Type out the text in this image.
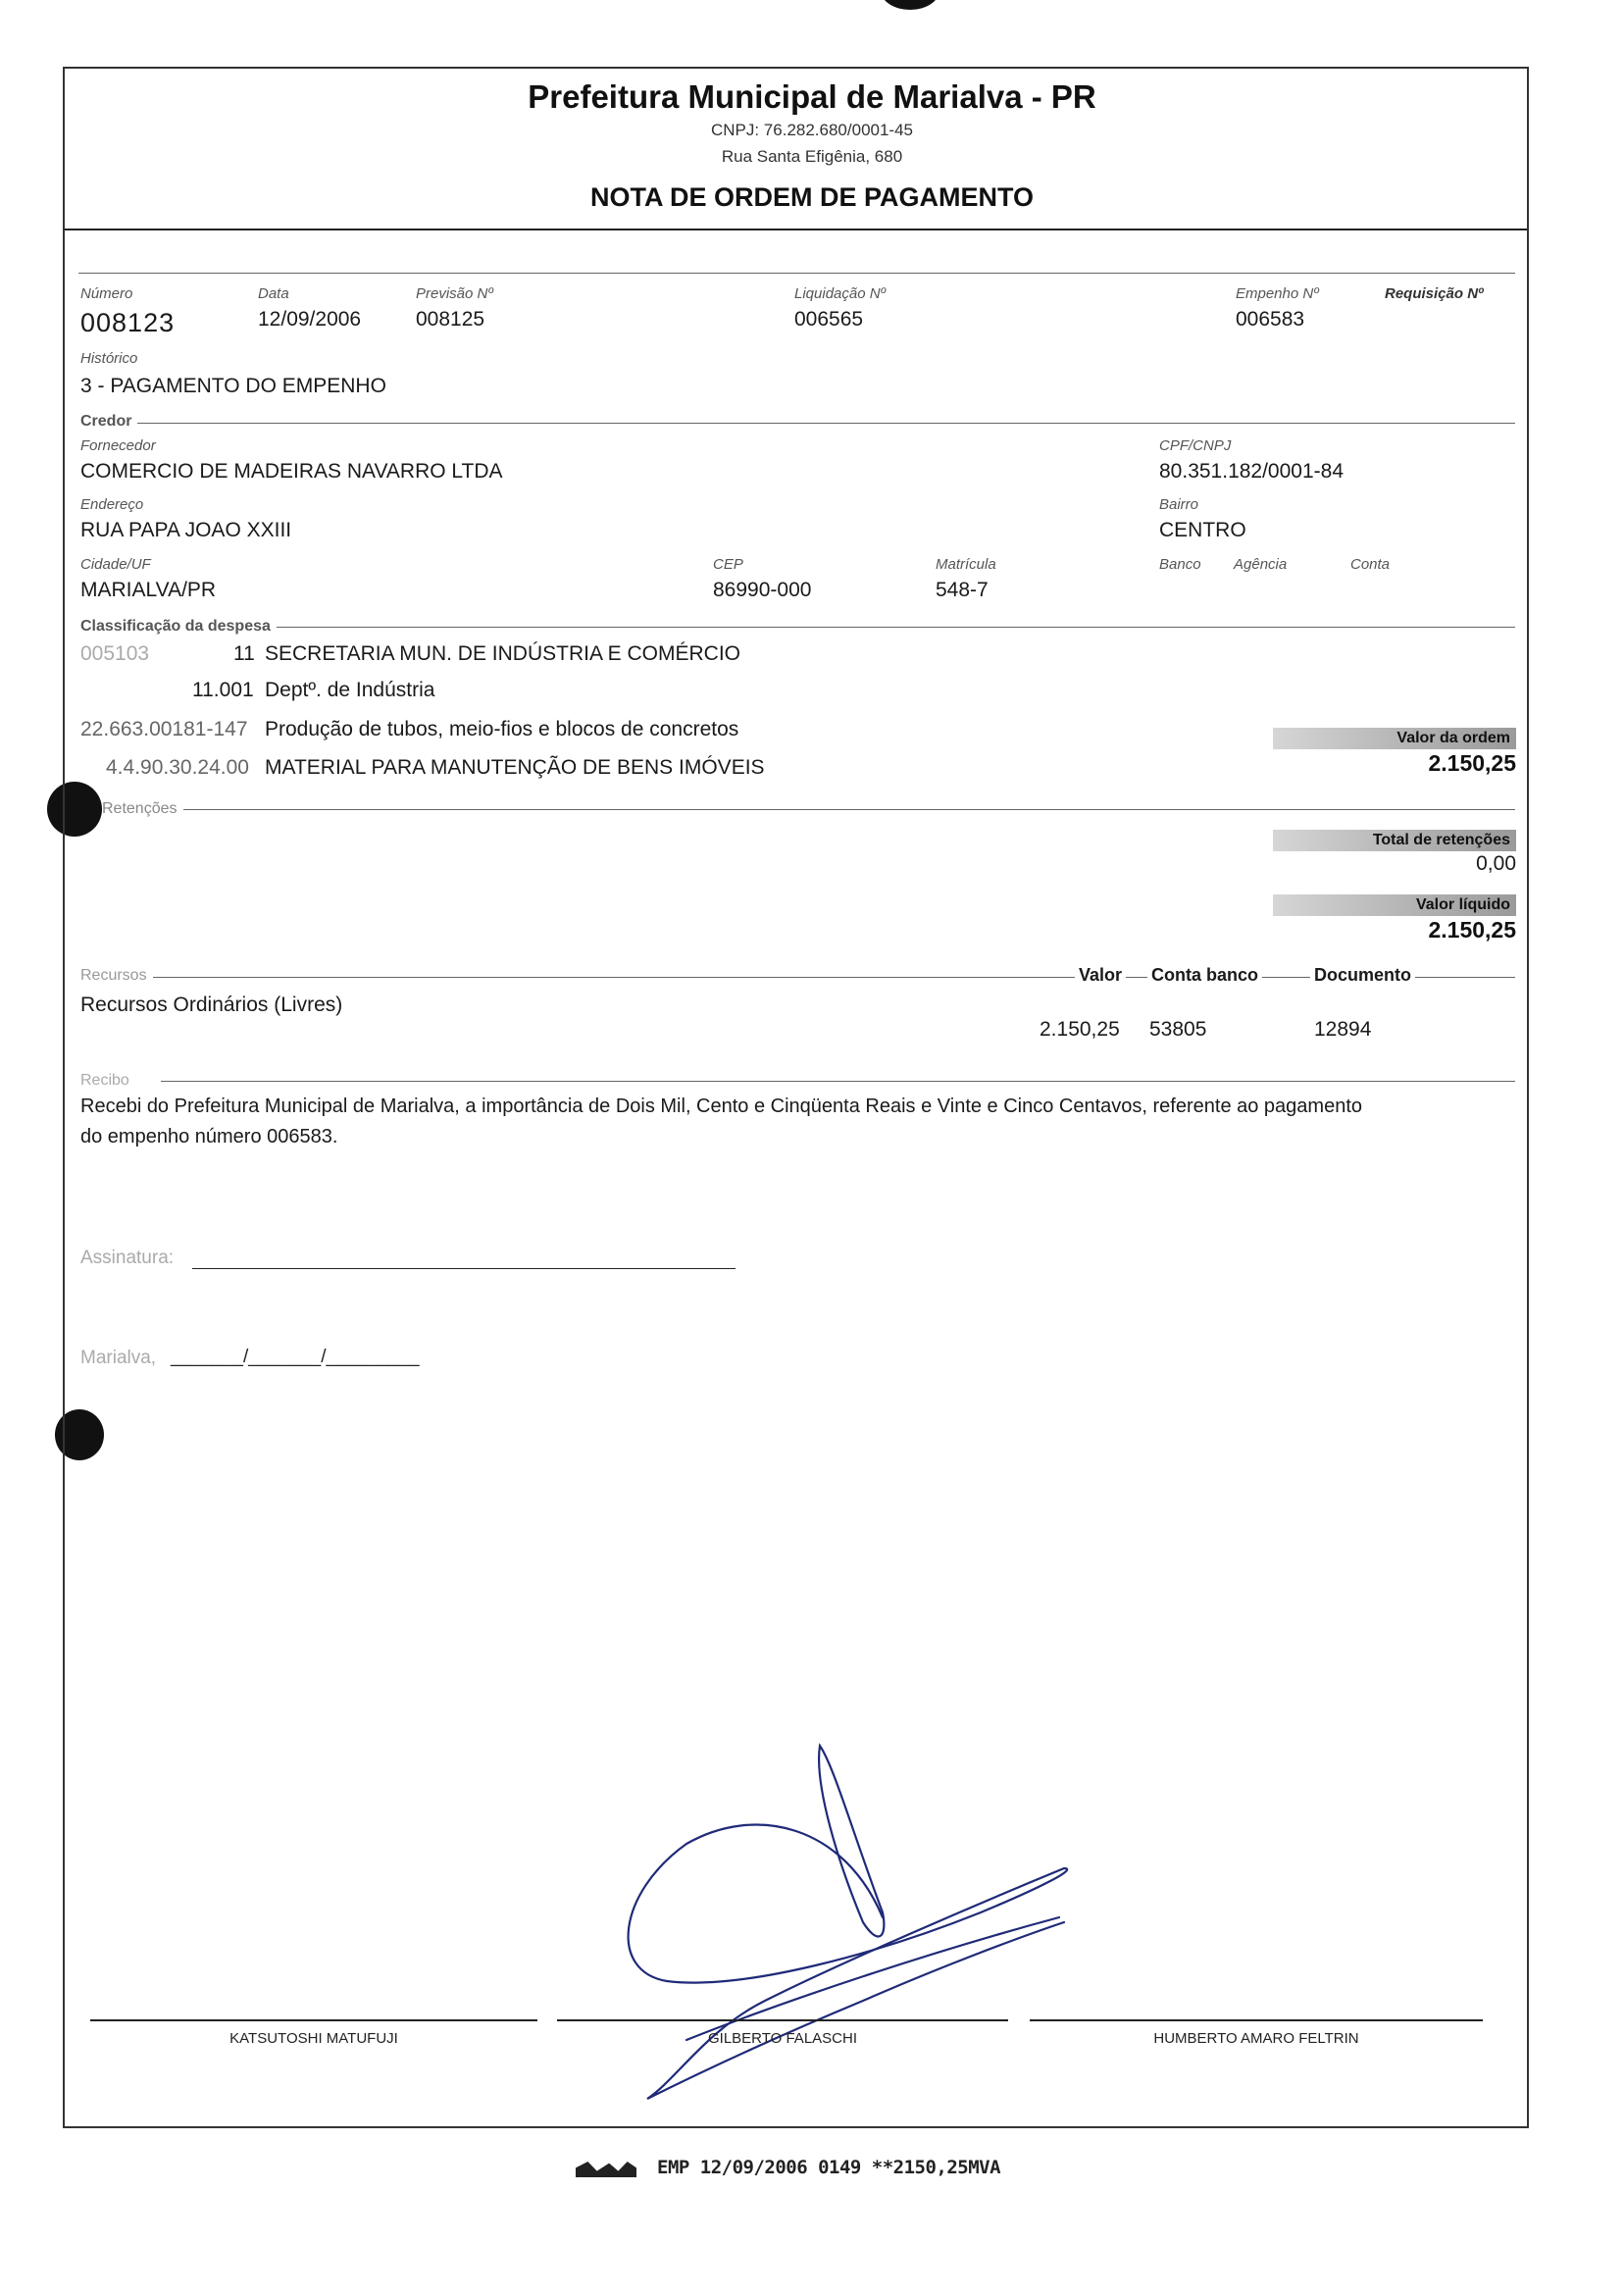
Prefeitura Municipal de Marialva - PR
CNPJ: 76.282.680/0001-45
Rua Santa Efigênia, 680
NOTA DE ORDEM DE PAGAMENTO
Número
008123
Data
12/09/2006
Previsão Nº
008125
Liquidação Nº
006565
Empenho Nº
006583
Requisição Nº
Histórico
3 - PAGAMENTO DO EMPENHO
Credor
Fornecedor
COMERCIO DE MADEIRAS NAVARRO LTDA
CPF/CNPJ
80.351.182/0001-84
Endereço
RUA PAPA JOAO XXIII
Bairro
CENTRO
Cidade/UF
MARIALVA/PR
CEP
86990-000
Matrícula
548-7
Banco Agência	Conta
Classificação da despesa
005103	11 SECRETARIA MUN. DE INDÚSTRIA E COMÉRCIO
11.001 Deptº. de Indústria
22.663.00181-147 Produção de tubos, meio-fios e blocos de concretos
4.4.90.30.24.00 MATERIAL PARA MANUTENÇÃO DE BENS IMÓVEIS
Valor da ordem
2.150,25
Retenções
Total de retenções
0,00
Valor líquido
2.150,25
Recursos	Valor Conta banco	Documento
Recursos Ordinários (Livres)
2.150,25 53805	12894
Recibo
Recebi do Prefeitura Municipal de Marialva, a importância de Dois Mil, Cento e Cinqüenta Reais e Vinte e Cinco Centavos, referente ao pagamento
do empenho número 006583.
Assinatura:
Marialva, _______/_______/_________
KATSUTOSHI MATUFUJI	GILBERTO FALASCHI	HUMBERTO AMARO FELTRIN
EMP 12/09/2006 0149 **2150,25MVA
